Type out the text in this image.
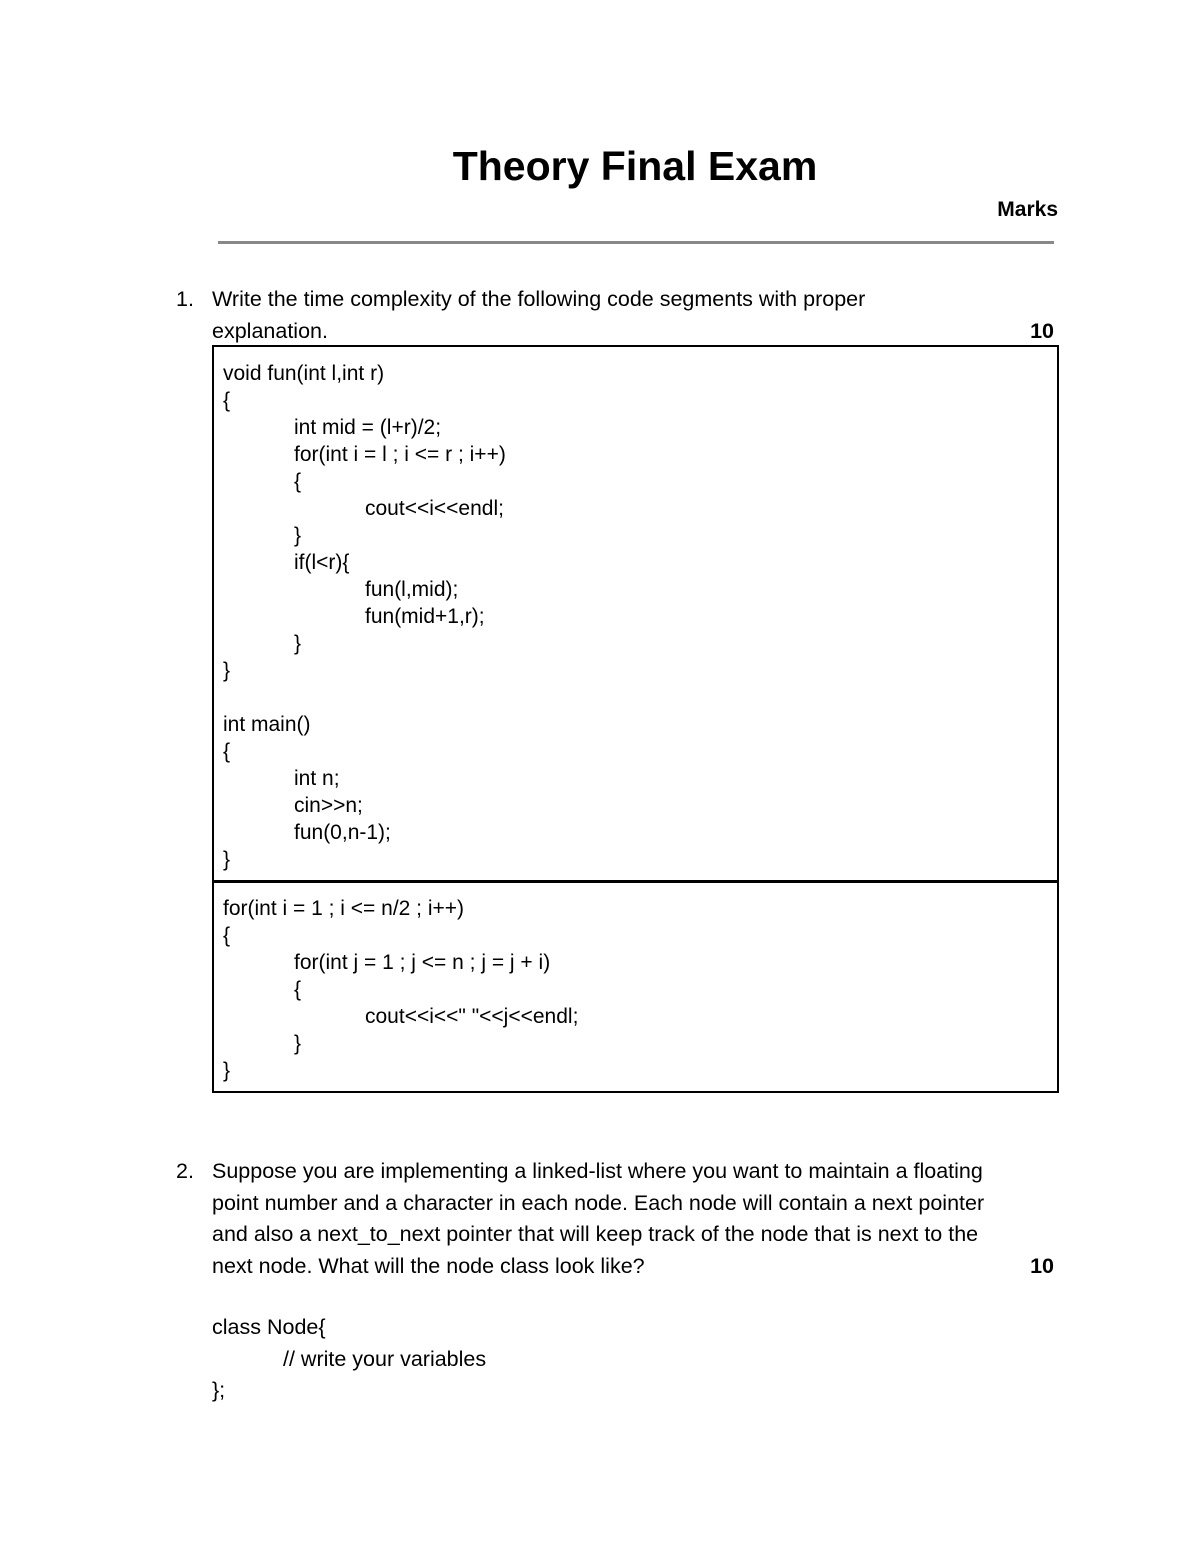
Theory Final Exam
Marks
1. Write the time complexity of the following code segments with proper
explanation.	10
void fun(int l,int r)
{
int mid = (l+r)/2;
for(int i = l ; i <= r ; i++)
{
cout<<i<<endl;
}
if(l<r){
fun(l,mid);
fun(mid+1,r);
}
}
int main()
{
int n;
cin>>n;
fun(0,n-1);
}
for(int i = 1 ; i <= n/2 ; i++)
{
for(int j = 1 ; j <= n ; j = j + i)
{
cout<<i<<" "<<j<<endl;
}
}
2. Suppose you are implementing a linked-list where you want to maintain a floating
point number and a character in each node. Each node will contain a next pointer
and also a next_to_next pointer that will keep track of the node that is next to the
next node. What will the node class look like?	10
class Node{
// write your variables
};
